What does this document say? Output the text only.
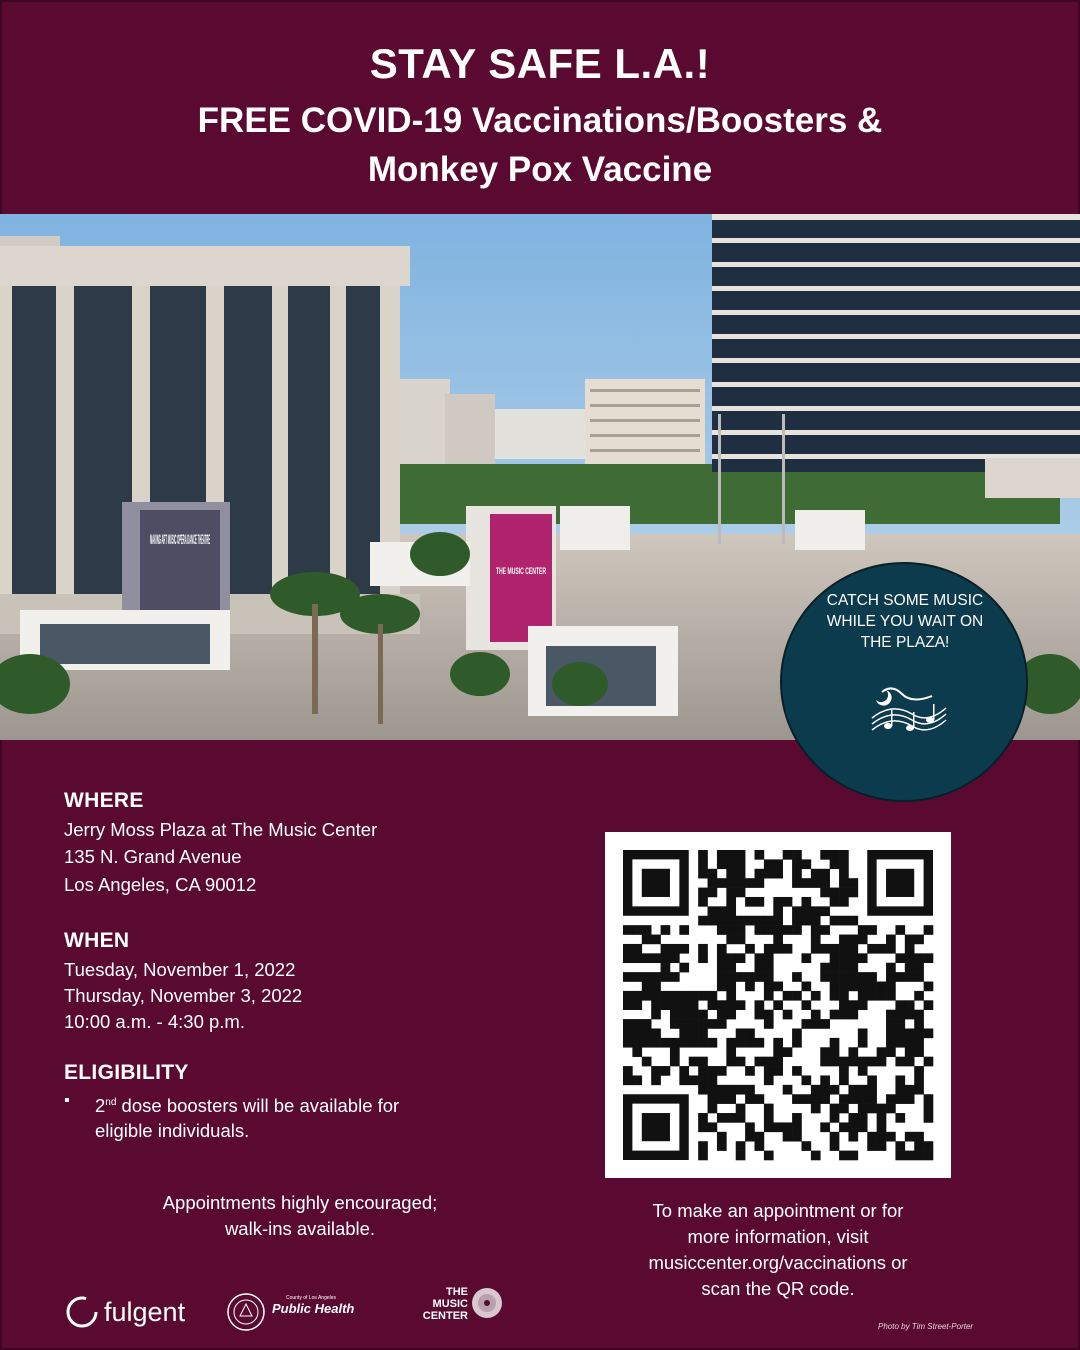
STAY SAFE L.A.!
FREE COVID-19 Vaccinations/Boosters &
Monkey Pox Vaccine
MAKING ART MUSIC OPERA DANCE THEATRE
THE MUSIC CENTER
CATCH SOME MUSIC WHILE YOU WAIT ON THE PLAZA!
WHERE
Jerry Moss Plaza at The Music Center
135 N. Grand Avenue
Los Angeles, CA 90012
WHEN
Tuesday, November 1, 2022
Thursday, November 3, 2022
10:00 a.m. - 4:30 p.m.
ELIGIBILITY
▪ 2nd dose boosters will be available for
eligible individuals.
Appointments highly encouraged;
walk-ins available.
To make an appointment or for
more information, visit
musiccenter.org/vaccinations or
scan the QR code.
fulgent	County of Los Angeles
Public Health
THE
MUSIC
CENTER
Photo by Tim Street-Porter
